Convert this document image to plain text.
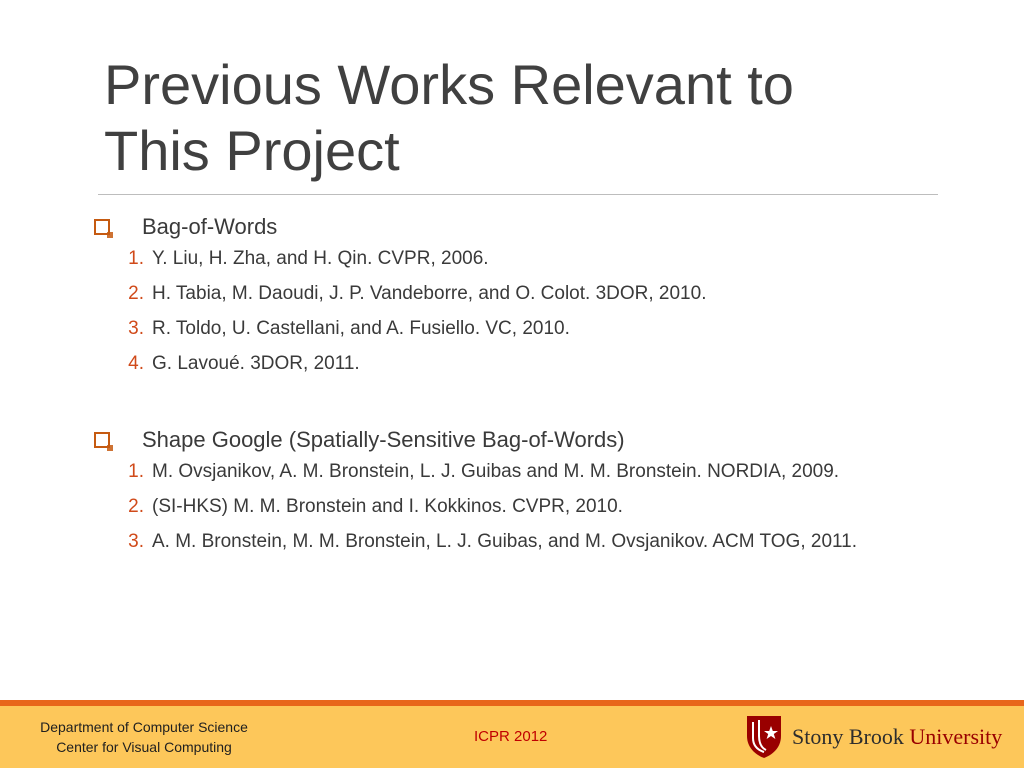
Previous Works Relevant to
This Project
Bag-of-Words
1. Y. Liu, H. Zha, and H. Qin. CVPR, 2006.
2. H. Tabia, M. Daoudi, J. P. Vandeborre, and O. Colot. 3DOR, 2010.
3. R. Toldo, U. Castellani, and A. Fusiello. VC, 2010.
4. G. Lavoué. 3DOR, 2011.
Shape Google (Spatially-Sensitive Bag-of-Words)
1. M. Ovsjanikov, A. M. Bronstein, L. J. Guibas and M. M. Bronstein. NORDIA, 2009.
2. (SI-HKS) M. M. Bronstein and I. Kokkinos. CVPR, 2010.
3. A. M. Bronstein, M. M. Bronstein, L. J. Guibas, and M. Ovsjanikov. ACM TOG, 2011.
Department of Computer Science
Center for Visual Computing
ICPR 2012	Stony Brook University
